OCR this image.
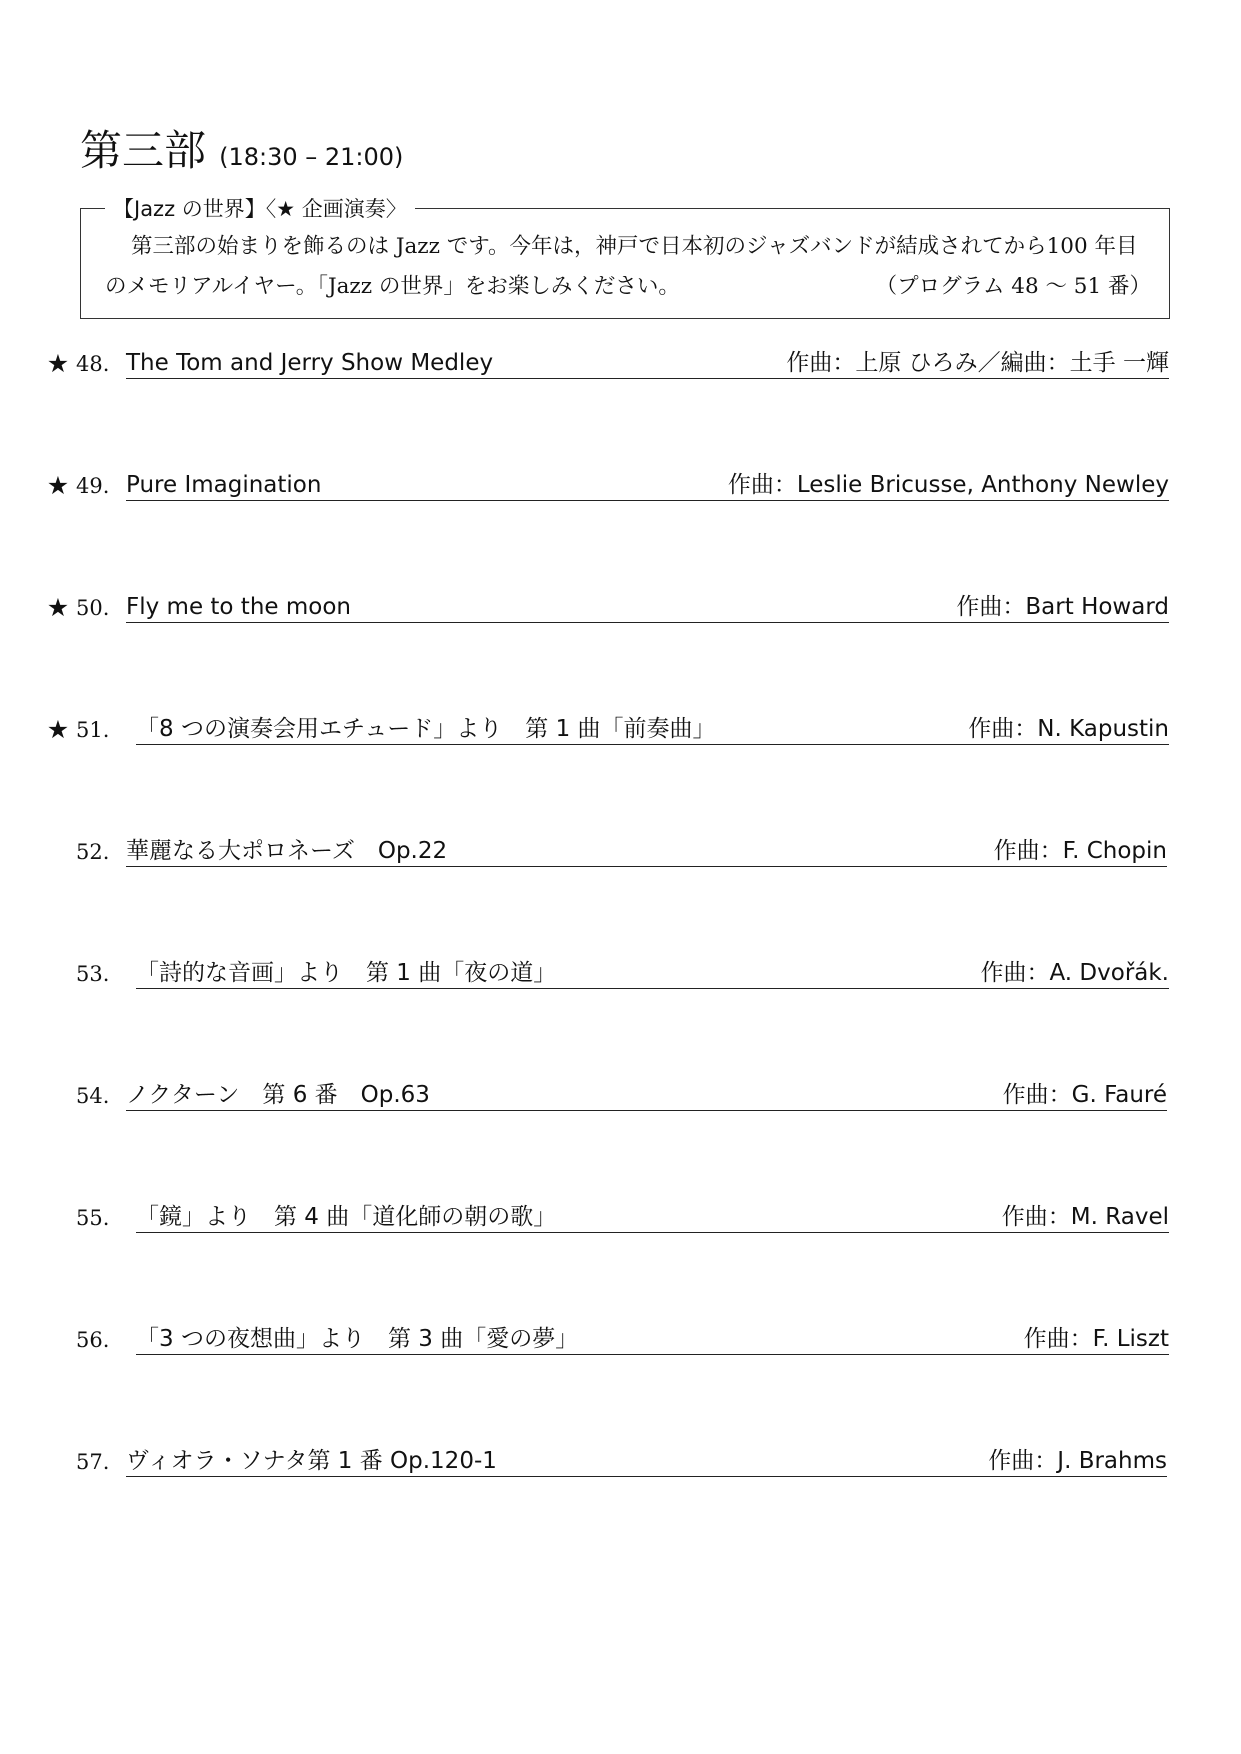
第三部 (18:30 – 21:00)
【Jazz の世界】〈★ 企画演奏〉
第三部の始まりを飾るのは Jazz です。今年は，神戸で日本初のジャズバンドが結成されてから100 年目のメモリアルイヤー。「Jazz の世界」をお楽しみください。	（プログラム 48 〜 51 番）
★ 48. The Tom and Jerry Show Medley	作曲：上原 ひろみ／編曲：土手 一輝
★ 49. Pure Imagination	作曲：Leslie Bricusse, Anthony Newley
★ 50. Fly me to the moon	作曲：Bart Howard
★ 51.	「8 つの演奏会用エチュード」より　第 1 曲「前奏曲」	作曲：N. Kapustin
52. 華麗なる大ポロネーズ　Op.22	作曲：F. Chopin
53.	「詩的な音画」より　第 1 曲「夜の道」	作曲：A. Dvořák.
54. ノクターン　第 6 番　Op.63	作曲：G. Fauré
55.	「鏡」より　第 4 曲「道化師の朝の歌」	作曲：M. Ravel
56.	「3 つの夜想曲」より　第 3 曲「愛の夢」	作曲：F. Liszt
57. ヴィオラ・ソナタ第 1 番 Op.120-1	作曲：J. Brahms
